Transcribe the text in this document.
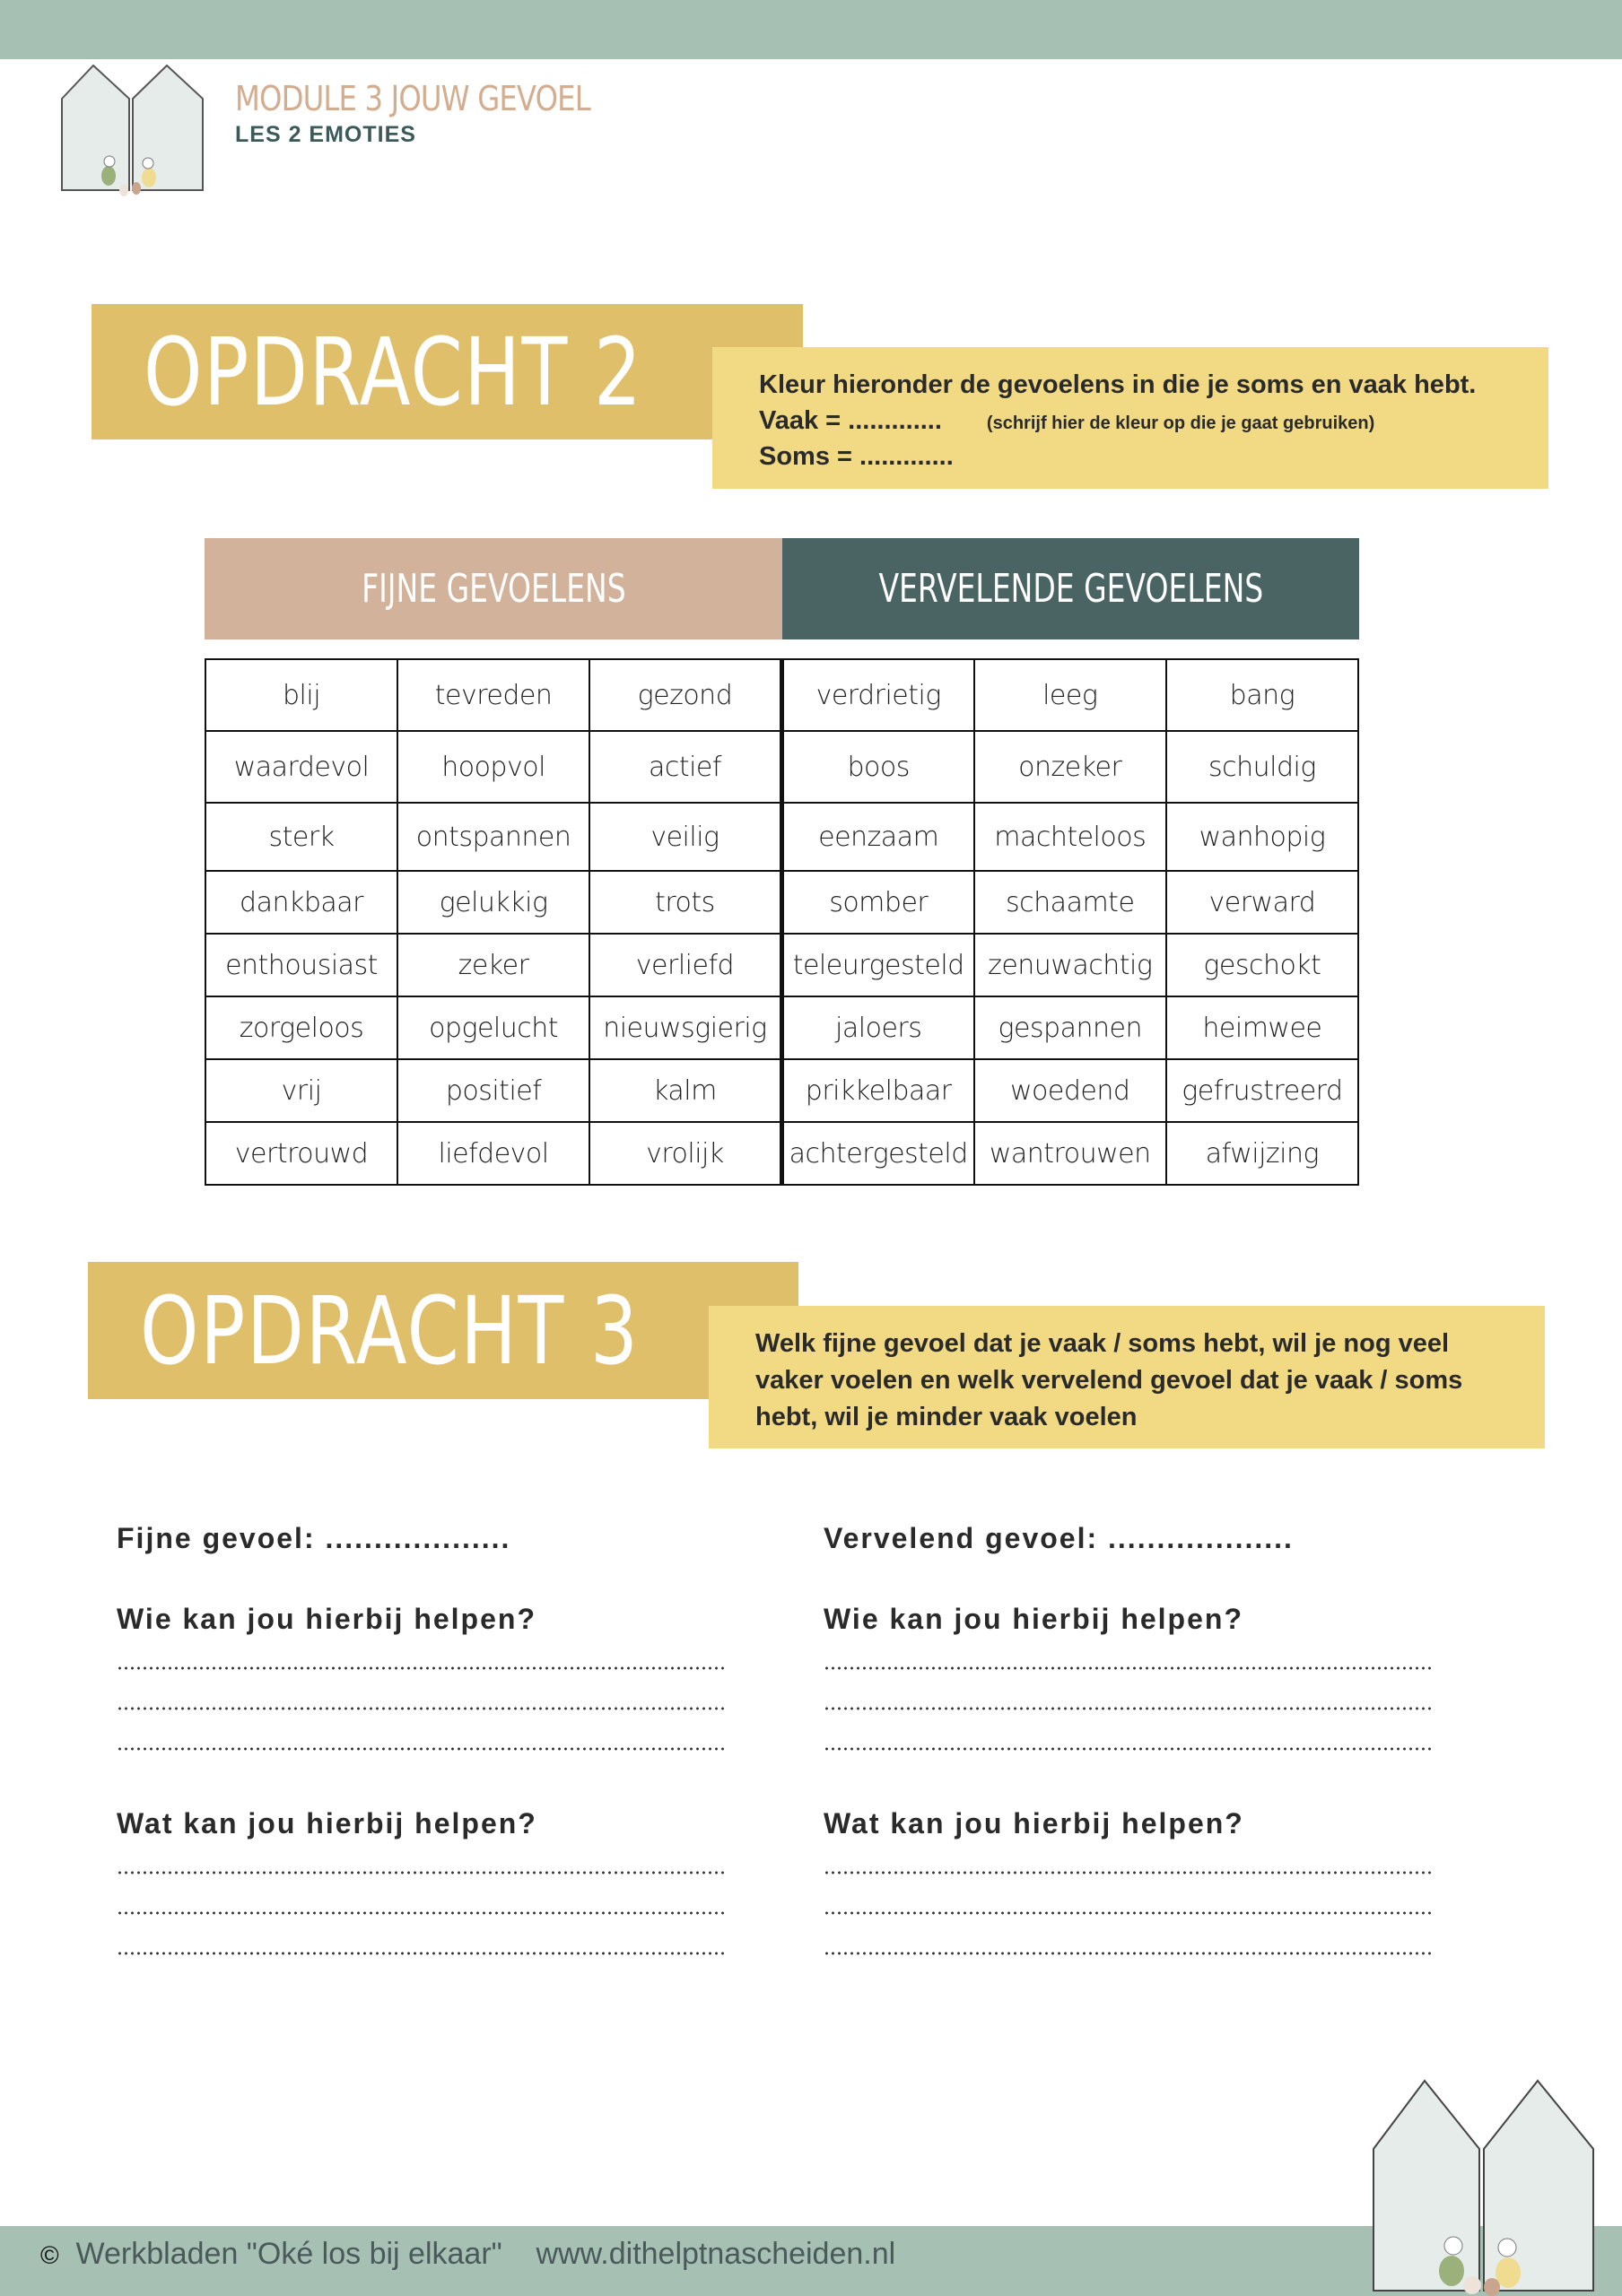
MODULE 3 JOUW GEVOEL
LES 2 EMOTIES
OPDRACHT 2	Kleur hieronder de gevoelens in die je soms en vaak hebt.
Vaak = .............	(schrijf hier de kleur op die je gaat gebruiken)
Soms = .............
FIJNE GEVOELENS	VERVELENDE GEVOELENS
blij	tevreden	gezond	verdrietig	leeg	bang
waardevol	hoopvol	actief	boos	onzeker	schuldig
sterk	ontspannen	veilig	eenzaam	machteloos	wanhopig
dankbaar	gelukkig	trots	somber	schaamte	verward
enthousiast	zeker	verliefd	teleurgesteld	zenuwachtig	geschokt
zorgeloos	opgelucht	nieuwsgierig	jaloers	gespannen	heimwee
vrij	positief	kalm	prikkelbaar	woedend	gefrustreerd
vertrouwd	liefdevol	vrolijk	achtergesteld	wantrouwen	afwijzing
OPDRACHT 3	Welk fijne gevoel dat je vaak / soms hebt, wil je nog veel
vaker voelen en welk vervelend gevoel dat je vaak / soms
hebt, wil je minder vaak voelen
Fijne gevoel: ...................
Wie kan jou hierbij helpen?
Wat kan jou hierbij helpen?
Vervelend gevoel: ...................
Wie kan jou hierbij helpen?
Wat kan jou hierbij helpen?
© Werkbladen "Oké los bij elkaar"    www.dithelptnascheiden.nl
